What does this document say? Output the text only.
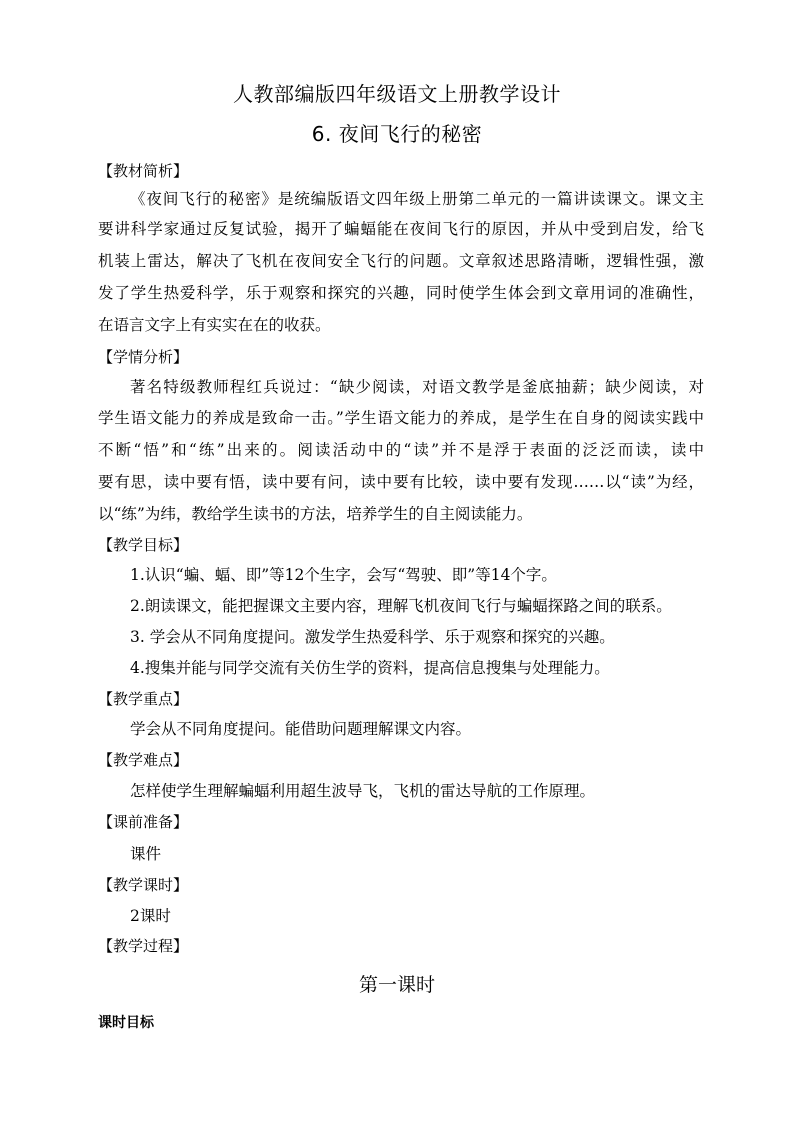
人教部编版四年级语文上册教学设计
6. 夜间飞行的秘密
【教材简析】
《夜间飞行的秘密》是统编版语文四年级上册第二单元的一篇讲读课文。课文主
要讲科学家通过反复试验，揭开了蝙蝠能在夜间飞行的原因，并从中受到启发，给飞
机装上雷达，解决了飞机在夜间安全飞行的问题。文章叙述思路清晰，逻辑性强，激
发了学生热爱科学，乐于观察和探究的兴趣，同时使学生体会到文章用词的准确性，
在语言文字上有实实在在的收获。
【学情分析】
著名特级教师程红兵说过：“缺少阅读，对语文教学是釜底抽薪；缺少阅读，对
学生语文能力的养成是致命一击。”学生语文能力的养成，是学生在自身的阅读实践中
不断“悟”和“练”出来的。阅读活动中的“读”并不是浮于表面的泛泛而读，读中
要有思，读中要有悟，读中要有问，读中要有比较，读中要有发现……以“读”为经，
以“练”为纬，教给学生读书的方法，培养学生的自主阅读能力。
【教学目标】
1.认识“蝙、蝠、即”等12个生字，会写“驾驶、即”等14个字。
2.朗读课文，能把握课文主要内容，理解飞机夜间飞行与蝙蝠探路之间的联系。
3. 学会从不同角度提问。激发学生热爱科学、乐于观察和探究的兴趣。
4.搜集并能与同学交流有关仿生学的资料，提高信息搜集与处理能力。
【教学重点】
学会从不同角度提问。能借助问题理解课文内容。
【教学难点】
怎样使学生理解蝙蝠利用超生波导飞，飞机的雷达导航的工作原理。
【课前准备】
课件
【教学课时】
2课时
【教学过程】
第一课时
课时目标
